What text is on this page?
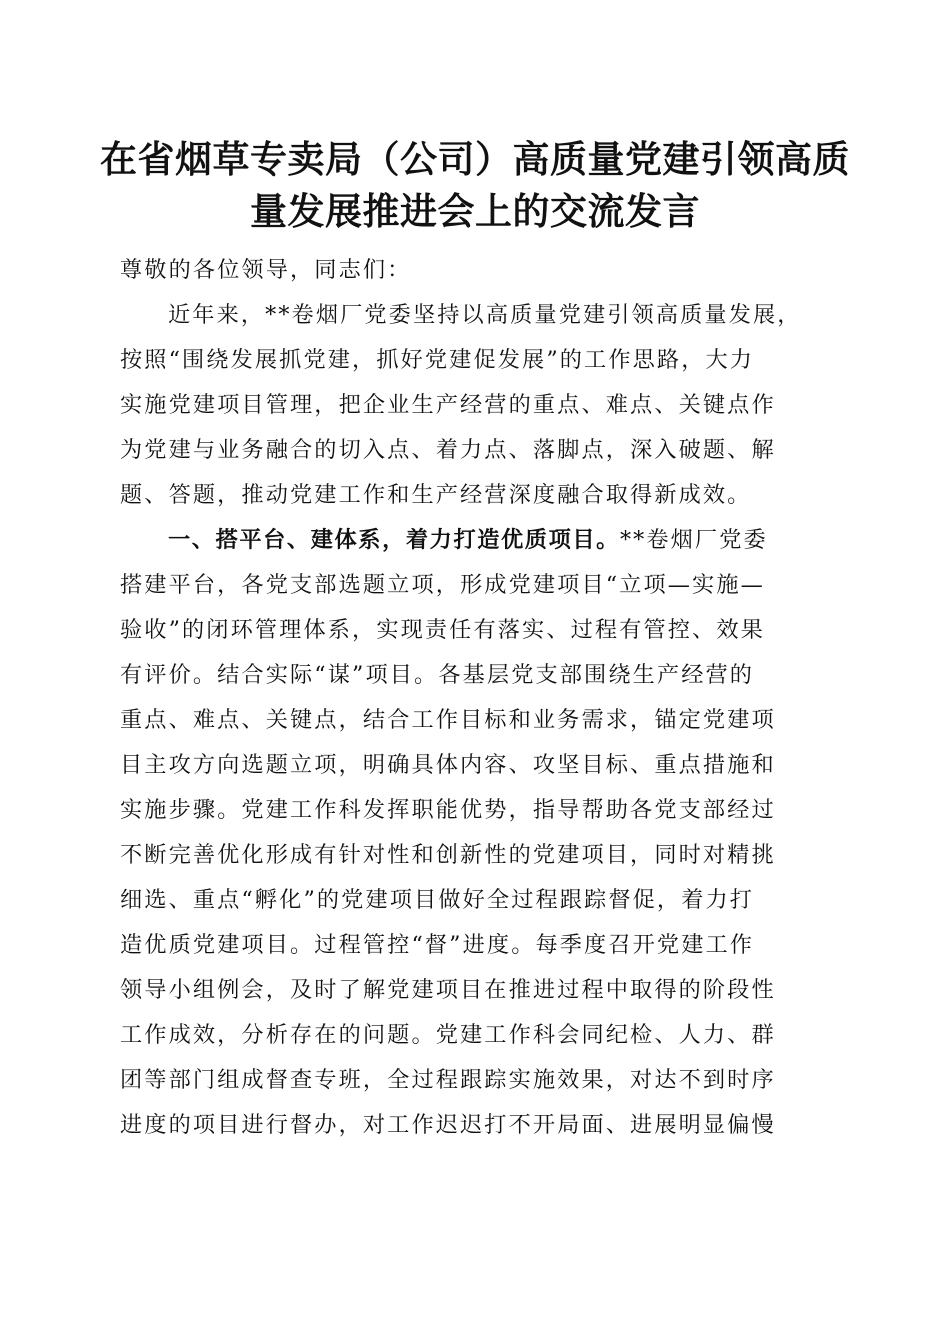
在省烟草专卖局（公司）高质量党建引领高质
量发展推进会上的交流发言
尊敬的各位领导，同志们：
近年来，**卷烟厂党委坚持以高质量党建引领高质量发展，
按照“围绕发展抓党建，抓好党建促发展”的工作思路，大力
实施党建项目管理，把企业生产经营的重点、难点、关键点作
为党建与业务融合的切入点、着力点、落脚点，深入破题、解
题、答题，推动党建工作和生产经营深度融合取得新成效。
一、搭平台、建体系，着力打造优质项目。**卷烟厂党委
搭建平台，各党支部选题立项，形成党建项目“立项—实施—
验收”的闭环管理体系，实现责任有落实、过程有管控、效果
有评价。结合实际“谋”项目。各基层党支部围绕生产经营的
重点、难点、关键点，结合工作目标和业务需求，锚定党建项
目主攻方向选题立项，明确具体内容、攻坚目标、重点措施和
实施步骤。党建工作科发挥职能优势，指导帮助各党支部经过
不断完善优化形成有针对性和创新性的党建项目，同时对精挑
细选、重点“孵化”的党建项目做好全过程跟踪督促，着力打
造优质党建项目。过程管控“督”进度。每季度召开党建工作
领导小组例会，及时了解党建项目在推进过程中取得的阶段性
工作成效，分析存在的问题。党建工作科会同纪检、人力、群
团等部门组成督查专班，全过程跟踪实施效果，对达不到时序
进度的项目进行督办，对工作迟迟打不开局面、进展明显偏慢
